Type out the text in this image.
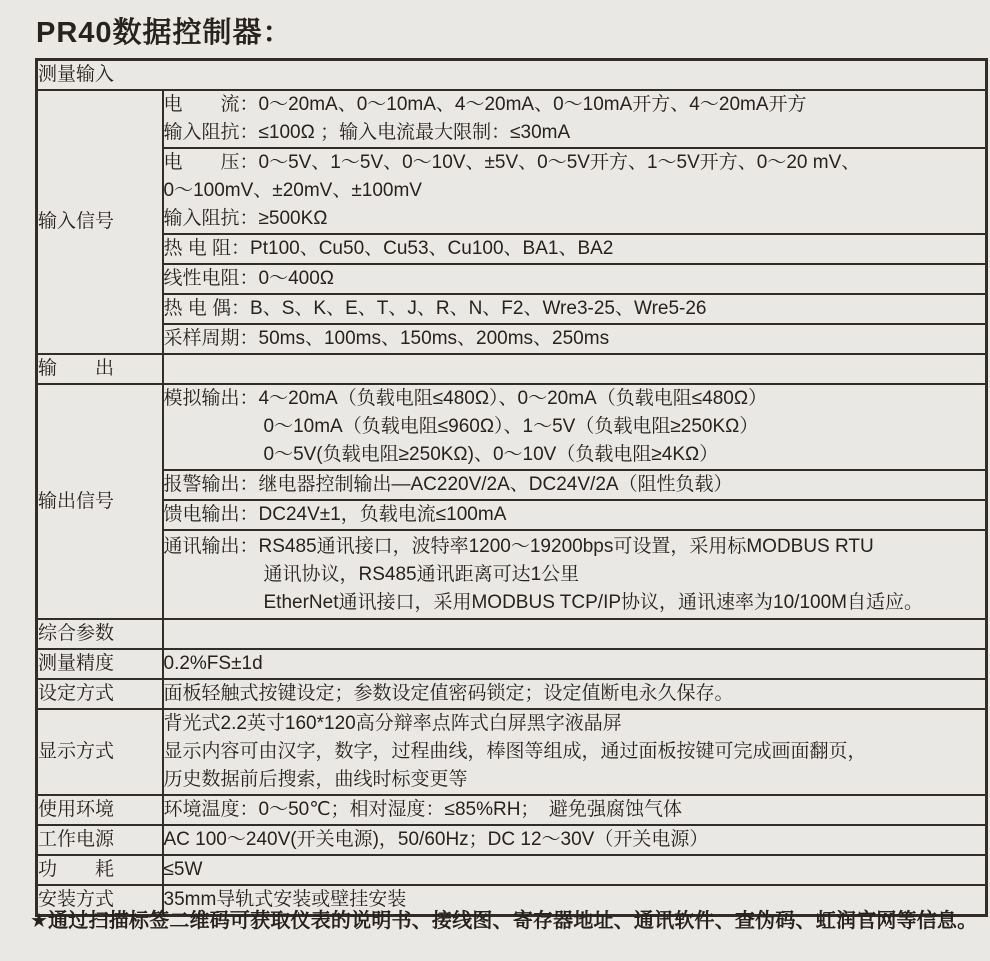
PR40数据控制器：
测量输入	
输入信号	电　　流：0～20mA、0～10mA、4～20mA、0～10mA开方、4～20mA开方
输入阻抗：≤100Ω ；输入电流最大限制：≤30mA

	电　　压：0～5V、1～5V、0～10V、±5V、0～5V开方、1～5V开方、0～20 mV、
0～100mV、±20mV、±100mV
输入阻抗：≥500KΩ

	热 电 阻：Pt100、Cu50、Cu53、Cu100、BA1、BA2
	线性电阻：0～400Ω
	热 电 偶：B、S、K、E、T、J、R、N、F2、Wre3-25、Wre5-26
	采样周期：50ms、100ms、150ms、200ms、250ms
输　　出	
输出信号	模拟输出：4～20mA（负载电阻≤480Ω）、0～20mA（负载电阻≤480Ω）
0～10mA（负载电阻≤960Ω）、1～5V（负载电阻≥250KΩ）
0～5V(负载电阻≥250KΩ)、0～10V（负载电阻≥4KΩ）

	报警输出：继电器控制输出—AC220V/2A、DC24V/2A（阻性负载）
	馈电输出：DC24V±1，负载电流≤100mA

	通讯输出：RS485通讯接口，波特率1200～19200bps可设置，采用标MODBUS RTU
通讯协议，RS485通讯距离可达1公里
EtherNet通讯接口，采用MODBUS TCP/IP协议，通讯速率为10/100M自适应。

综合参数	
测量精度	0.2%FS±1d
设定方式	面板轻触式按键设定；参数设定值密码锁定；设定值断电永久保存。
显示方式	背光式2.2英寸160*120高分辩率点阵式白屏黑字液晶屏
显示内容可由汉字，数字，过程曲线，棒图等组成，通过面板按键可完成画面翻页，
历史数据前后搜索，曲线时标变更等

使用环境	环境温度：0～50℃；相对湿度：≤85%RH；　避免强腐蚀气体
工作电源	AC 100～240V(开关电源)，50/60Hz；DC 12～30V（开关电源）
功　　耗	≤5W
安装方式	35mm导轨式安装或壁挂安装
★通过扫描标签二维码可获取仪表的说明书、接线图、寄存器地址、通讯软件、查伪码、虹润官网等信息。
